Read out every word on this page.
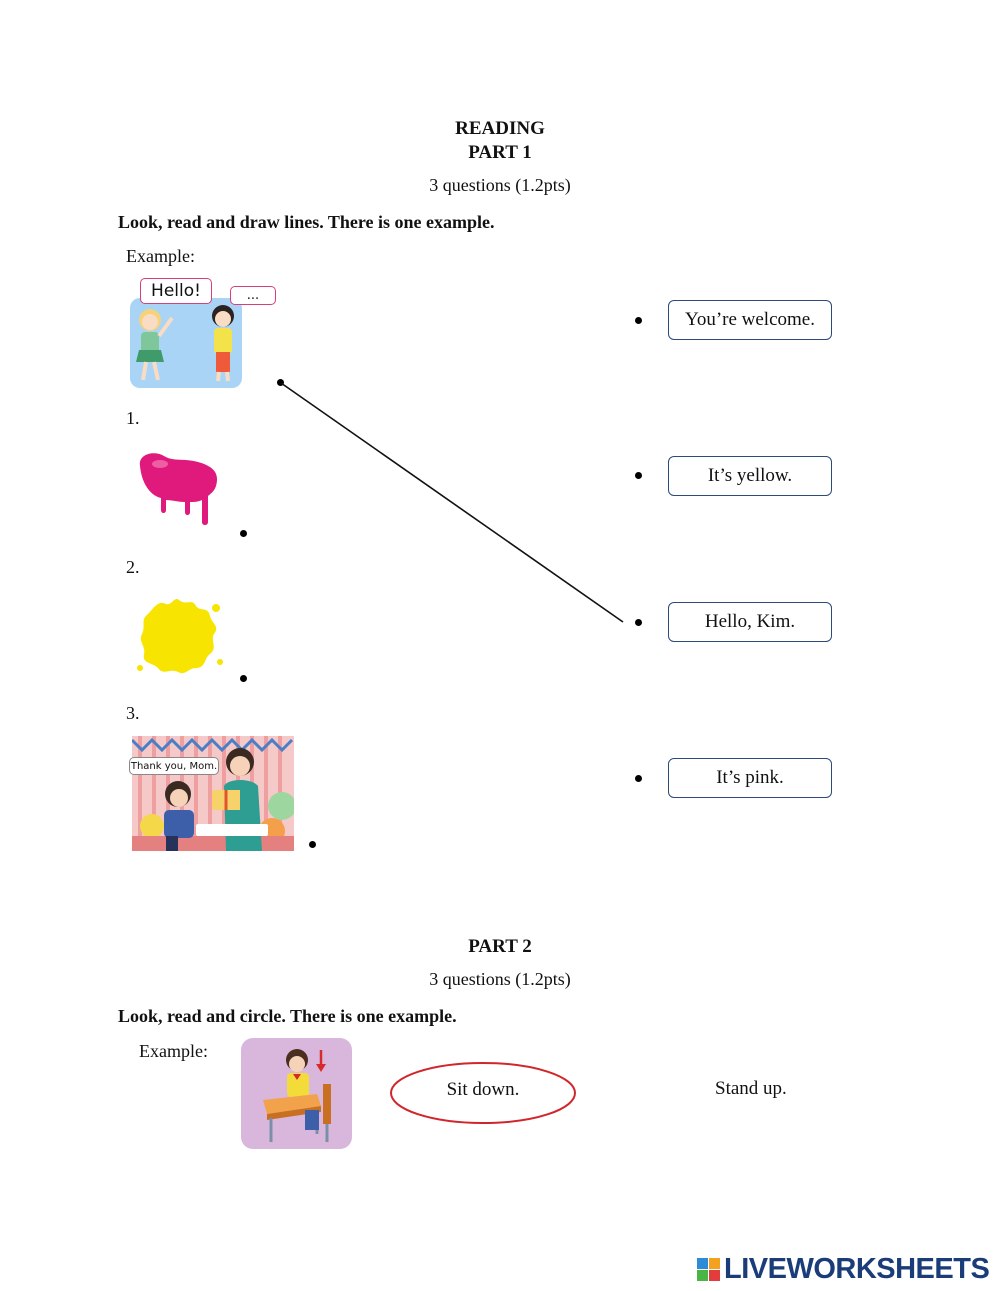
READING
PART 1
3 questions (1.2pts)
Look, read and draw lines. There is one example.
Example:
Hello!	...
1.
2.
3.
Thank you, Mom.
You’re welcome.
It’s yellow.
Hello, Kim.
It’s pink.
PART 2
3 questions (1.2pts)
Look, read and circle. There is one example.
Example:
Sit down.	Stand up.
LIVEWORKSHEETS
